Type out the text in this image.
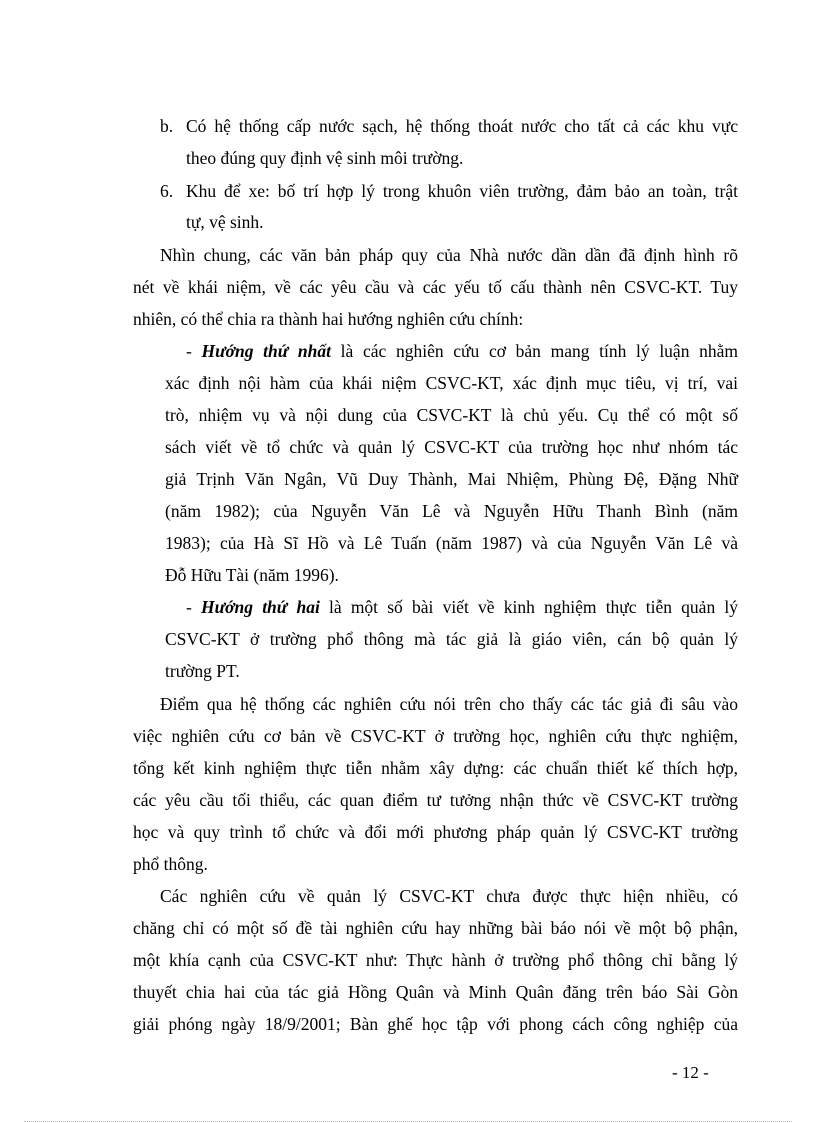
b. Có hệ thống cấp nước sạch, hệ thống thoát nước cho tất cả các khu vực
theo đúng quy định vệ sinh môi trường.
6. Khu để xe: bố trí hợp lý trong khuôn viên trường, đảm bảo an toàn, trật
tự, vệ sinh.
Nhìn chung, các văn bản pháp quy của Nhà nước dần dần đã định hình rõ
nét về khái niệm, về các yêu cầu và các yếu tố cấu thành nên CSVC-KT. Tuy
nhiên, có thể chia ra thành hai hướng nghiên cứu chính:
- Hướng thứ nhất là các nghiên cứu cơ bản mang tính lý luận nhằm
xác định nội hàm của khái niệm CSVC-KT, xác định mục tiêu, vị trí, vai
trò, nhiệm vụ và nội dung của CSVC-KT là chủ yếu. Cụ thể có một số
sách viết về tổ chức và quản lý CSVC-KT của trường học như nhóm tác
giả Trịnh Văn Ngân, Vũ Duy Thành, Mai Nhiệm, Phùng Đệ, Đặng Nhữ
(năm 1982); của Nguyễn Văn Lê và Nguyễn Hữu Thanh Bình (năm
1983); của Hà Sĩ Hồ và Lê Tuấn (năm 1987) và của Nguyễn Văn Lê và
Đỗ Hữu Tài (năm 1996).
- Hướng thứ hai là một số bài viết về kinh nghiệm thực tiễn quản lý
CSVC-KT ở trường phổ thông mà tác giả là giáo viên, cán bộ quản lý
trường PT.
Điểm qua hệ thống các nghiên cứu nói trên cho thấy các tác giả đi sâu vào
việc nghiên cứu cơ bản về CSVC-KT ở trường học, nghiên cứu thực nghiệm,
tổng kết kinh nghiệm thực tiễn nhằm xây dựng: các chuẩn thiết kế thích hợp,
các yêu cầu tối thiểu, các quan điểm tư tưởng nhận thức về CSVC-KT trường
học và quy trình tổ chức và đổi mới phương pháp quản lý CSVC-KT trường
phổ thông.
Các nghiên cứu về quản lý CSVC-KT chưa được thực hiện nhiều, có
chăng chỉ có một số đề tài nghiên cứu hay những bài báo nói về một bộ phận,
một khía cạnh của CSVC-KT như: Thực hành ở trường phổ thông chỉ bằng lý
thuyết chia hai của tác giả Hồng Quân và Minh Quân đăng trên báo Sài Gòn
giải phóng ngày 18/9/2001; Bàn ghế học tập với phong cách công nghiệp của
- 12 -
